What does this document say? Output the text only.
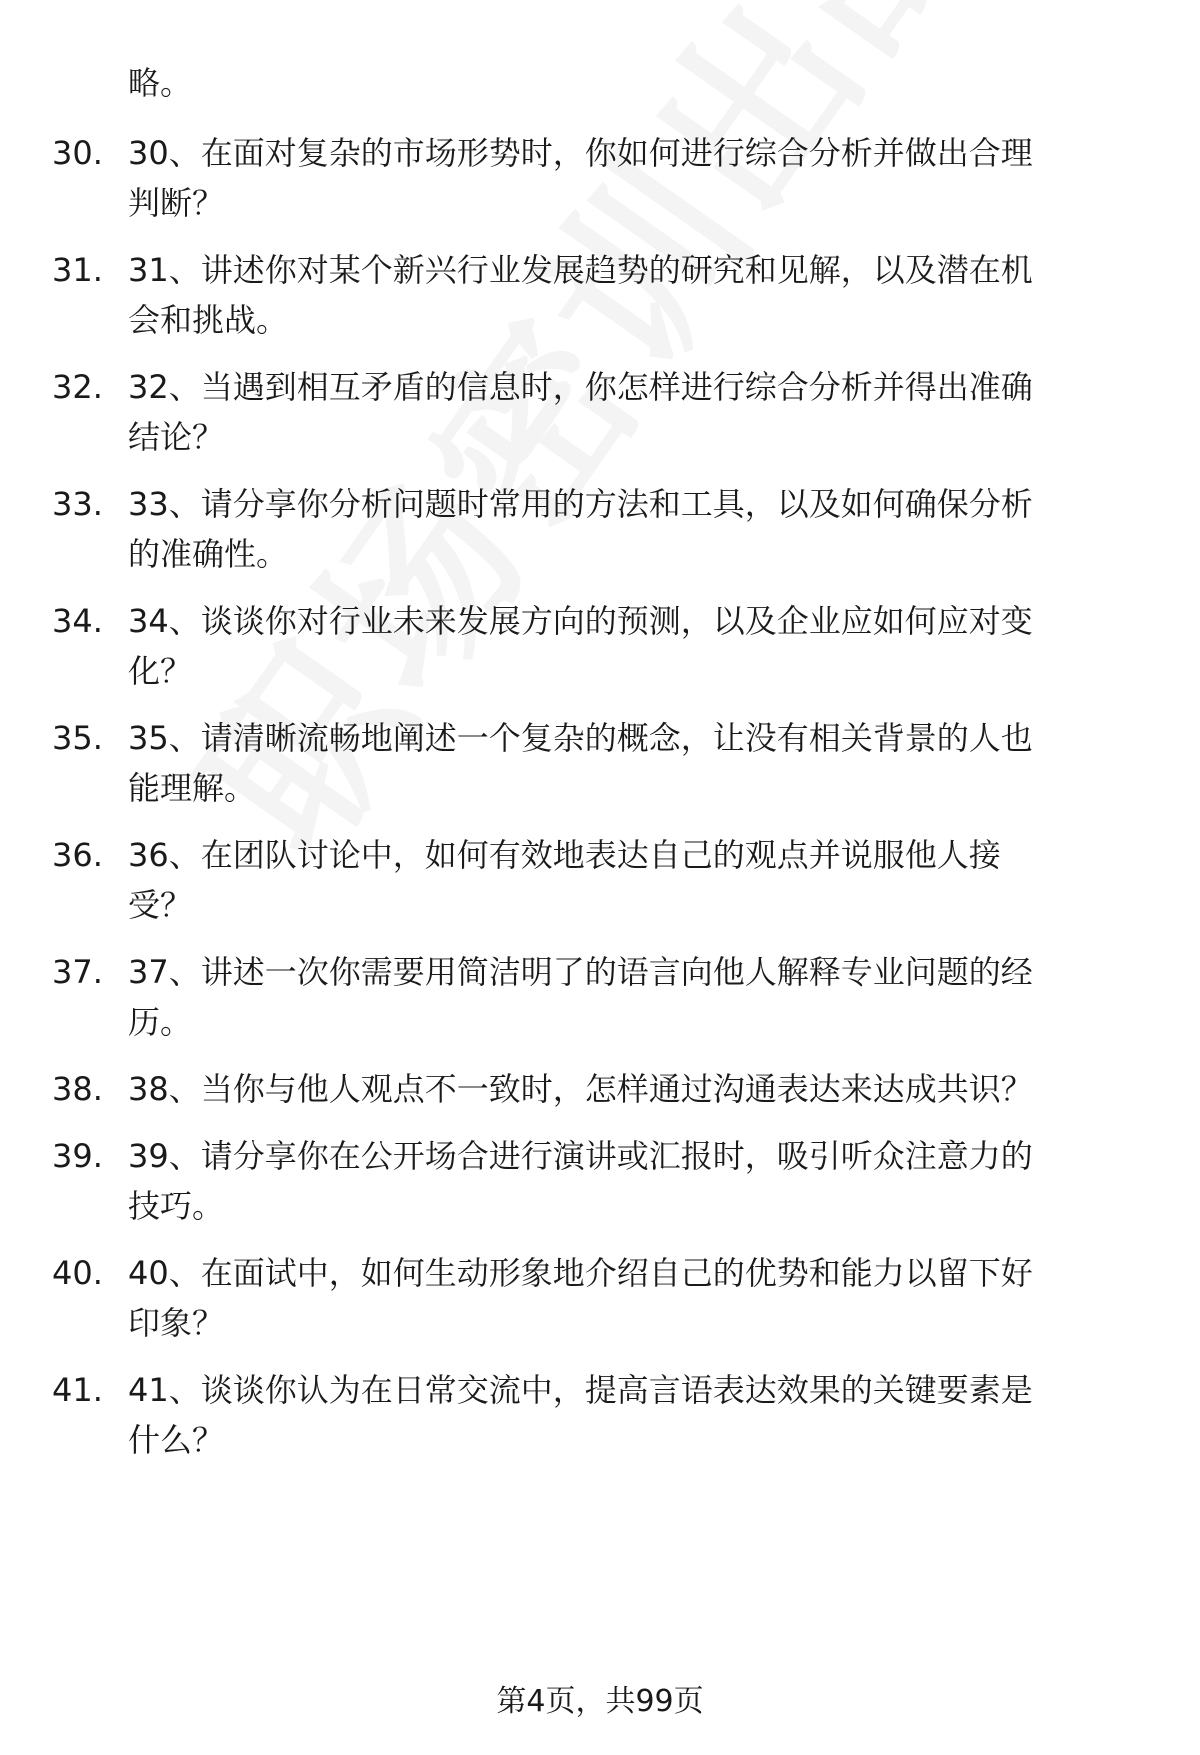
略。
30. 30、在面对复杂的市场形势时，你如何进行综合分析并做出合理
判断？
31. 31、讲述你对某个新兴行业发展趋势的研究和见解，以及潜在机
会和挑战。
32. 32、当遇到相互矛盾的信息时，你怎样进行综合分析并得出准确
结论？
33. 33、请分享你分析问题时常用的方法和工具，以及如何确保分析
的准确性。
34. 34、谈谈你对行业未来发展方向的预测，以及企业应如何应对变
化？
35. 35、请清晰流畅地阐述一个复杂的概念，让没有相关背景的人也
能理解。
36. 36、在团队讨论中，如何有效地表达自己的观点并说服他人接
受？
37. 37、讲述一次你需要用简洁明了的语言向他人解释专业问题的经
历。
38. 38、当你与他人观点不一致时，怎样通过沟通表达来达成共识？
39. 39、请分享你在公开场合进行演讲或汇报时，吸引听众注意力的
技巧。
40. 40、在面试中，如何生动形象地介绍自己的优势和能力以留下好
印象？
41. 41、谈谈你认为在日常交流中，提高言语表达效果的关键要素是
什么？
第4页，共99页
